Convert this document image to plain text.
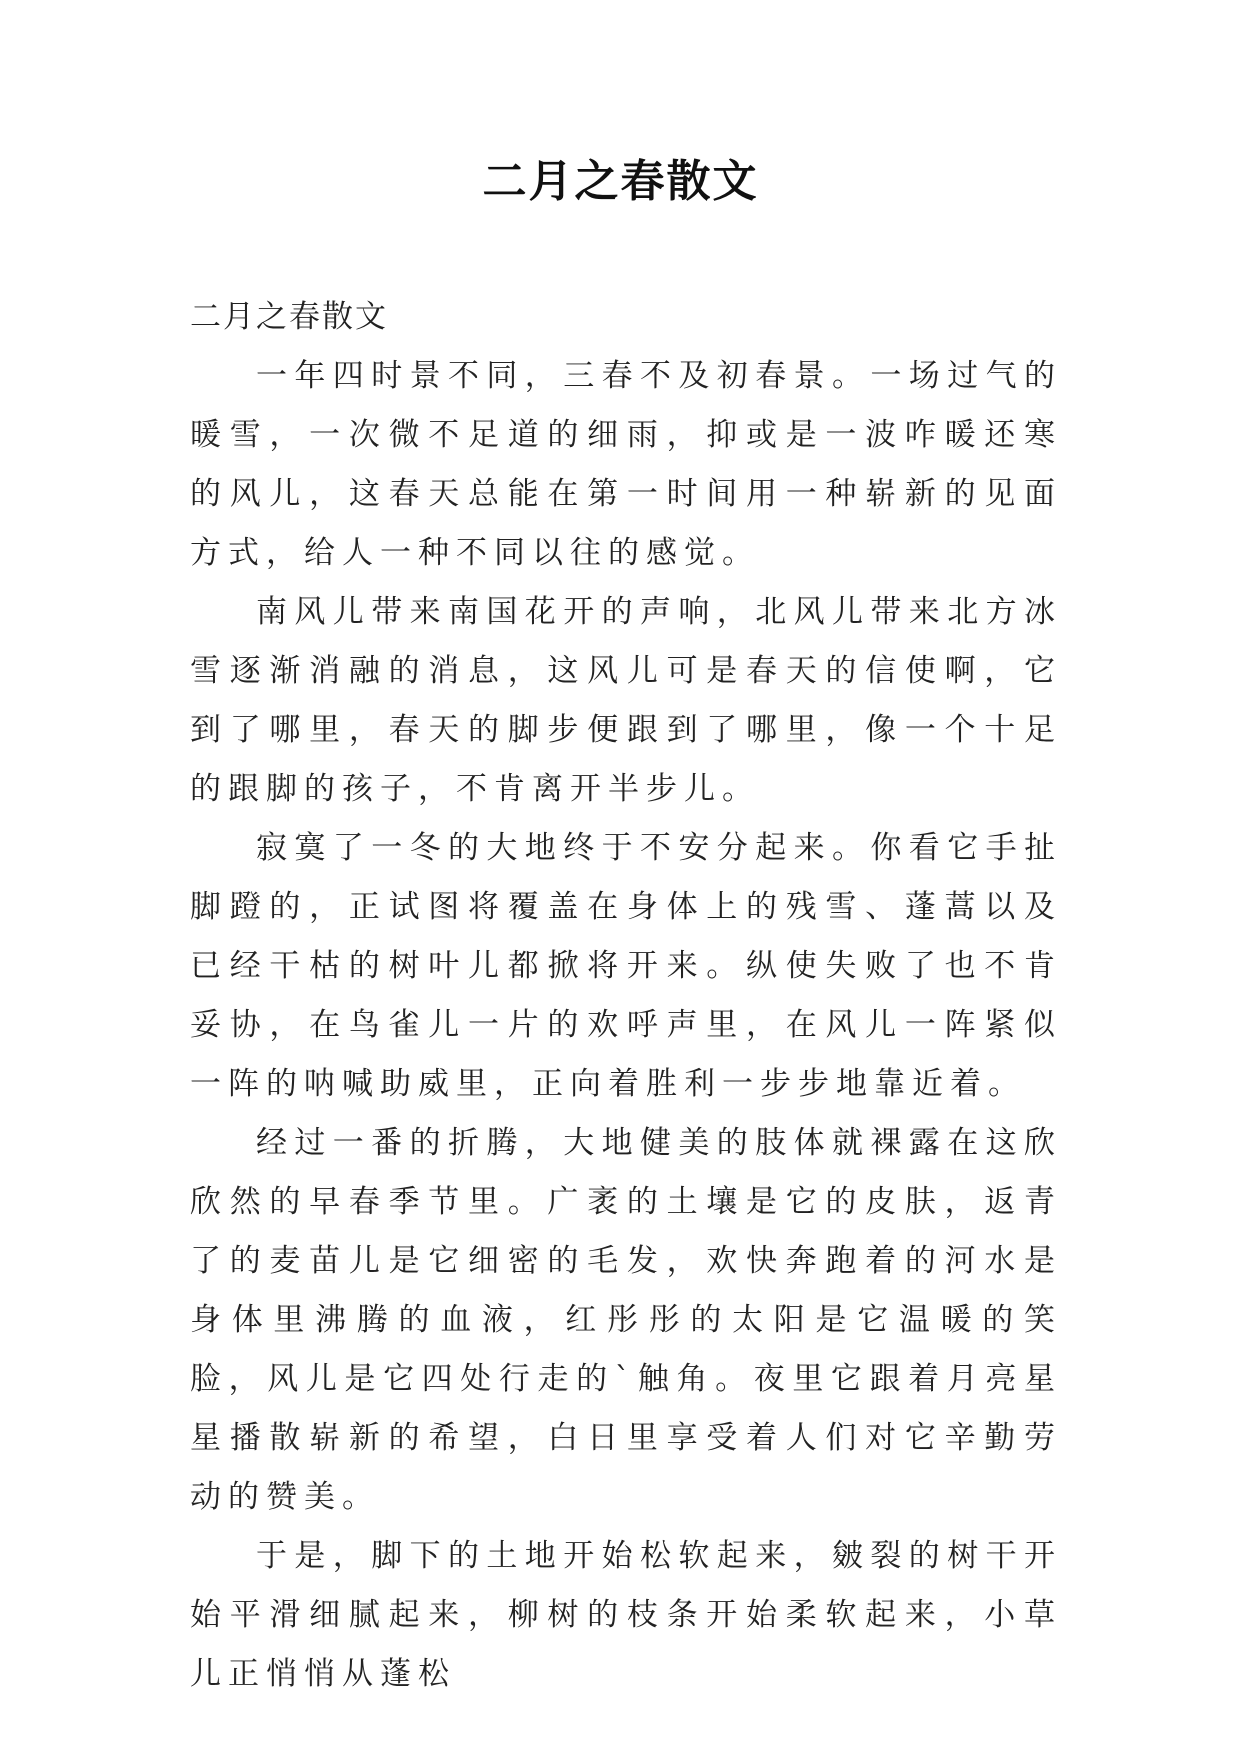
二月之春散文

二月之春散文

一年四时景不同，三春不及初春景。一场过气的暖雪，一次微不足道的细雨，抑或是一波咋暖还寒的风儿，这春天总能在第一时间用一种崭新的见面方式，给人一种不同以往的感觉。

南风儿带来南国花开的声响，北风儿带来北方冰雪逐渐消融的消息，这风儿可是春天的信使啊，它到了哪里，春天的脚步便跟到了哪里，像一个十足的跟脚的孩子，不肯离开半步儿。

寂寞了一冬的大地终于不安分起来。你看它手扯脚蹬的，正试图将覆盖在身体上的残雪、蓬蒿以及已经干枯的树叶儿都掀将开来。纵使失败了也不肯妥协，在鸟雀儿一片的欢呼声里，在风儿一阵紧似一阵的呐喊助威里，正向着胜利一步步地靠近着。

经过一番的折腾，大地健美的肢体就裸露在这欣欣然的早春季节里。广袤的土壤是它的皮肤，返青了的麦苗儿是它细密的毛发，欢快奔跑着的河水是身体里沸腾的血液，红彤彤的太阳是它温暖的笑脸，风儿是它四处行走的`触角。夜里它跟着月亮星星播散崭新的希望，白日里享受着人们对它辛勤劳动的赞美。

于是，脚下的土地开始松软起来，皴裂的树干开始平滑细腻起来，柳树的枝条开始柔软起来，小草儿正悄悄从蓬松
